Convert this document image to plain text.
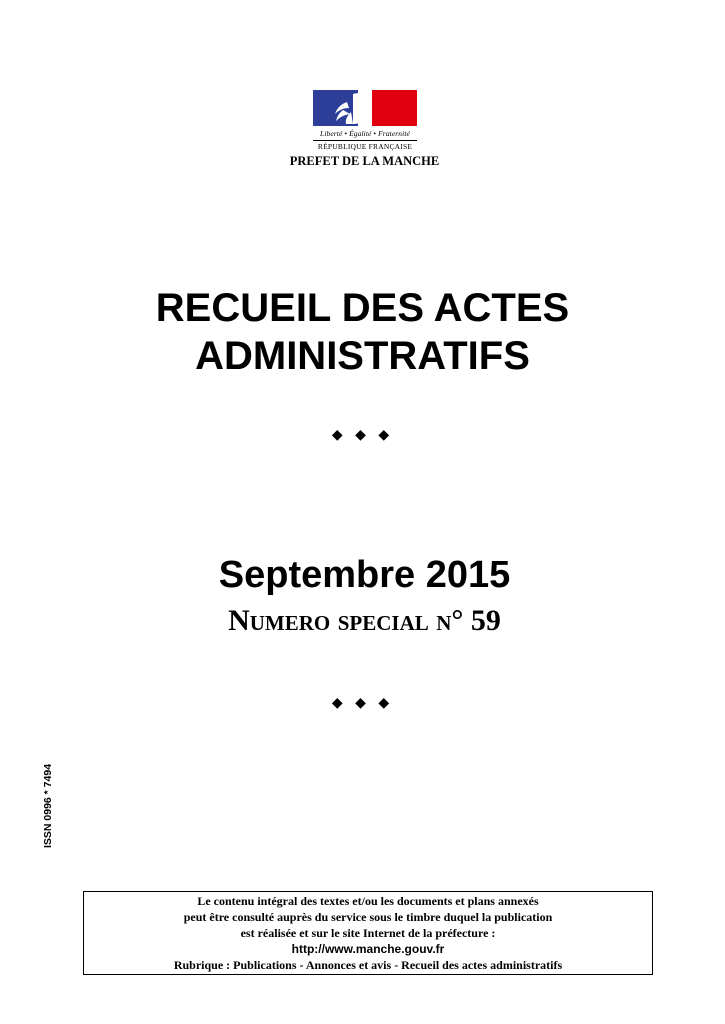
Liberté • Égalité • Fraternité
RÉPUBLIQUE FRANÇAISE
PREFET DE LA MANCHE
RECUEIL DES ACTES
ADMINISTRATIFS
◆ ◆ ◆
Septembre 2015
Numero special n° 59
◆ ◆ ◆
ISSN 0996 * 7494
Le contenu intégral des textes et/ou les documents et plans annexés
peut être consulté auprès du service sous le timbre duquel la publication
est réalisée et sur le site Internet de la préfecture :
http://www.manche.gouv.fr
Rubrique : Publications - Annonces et avis - Recueil des actes administratifs
